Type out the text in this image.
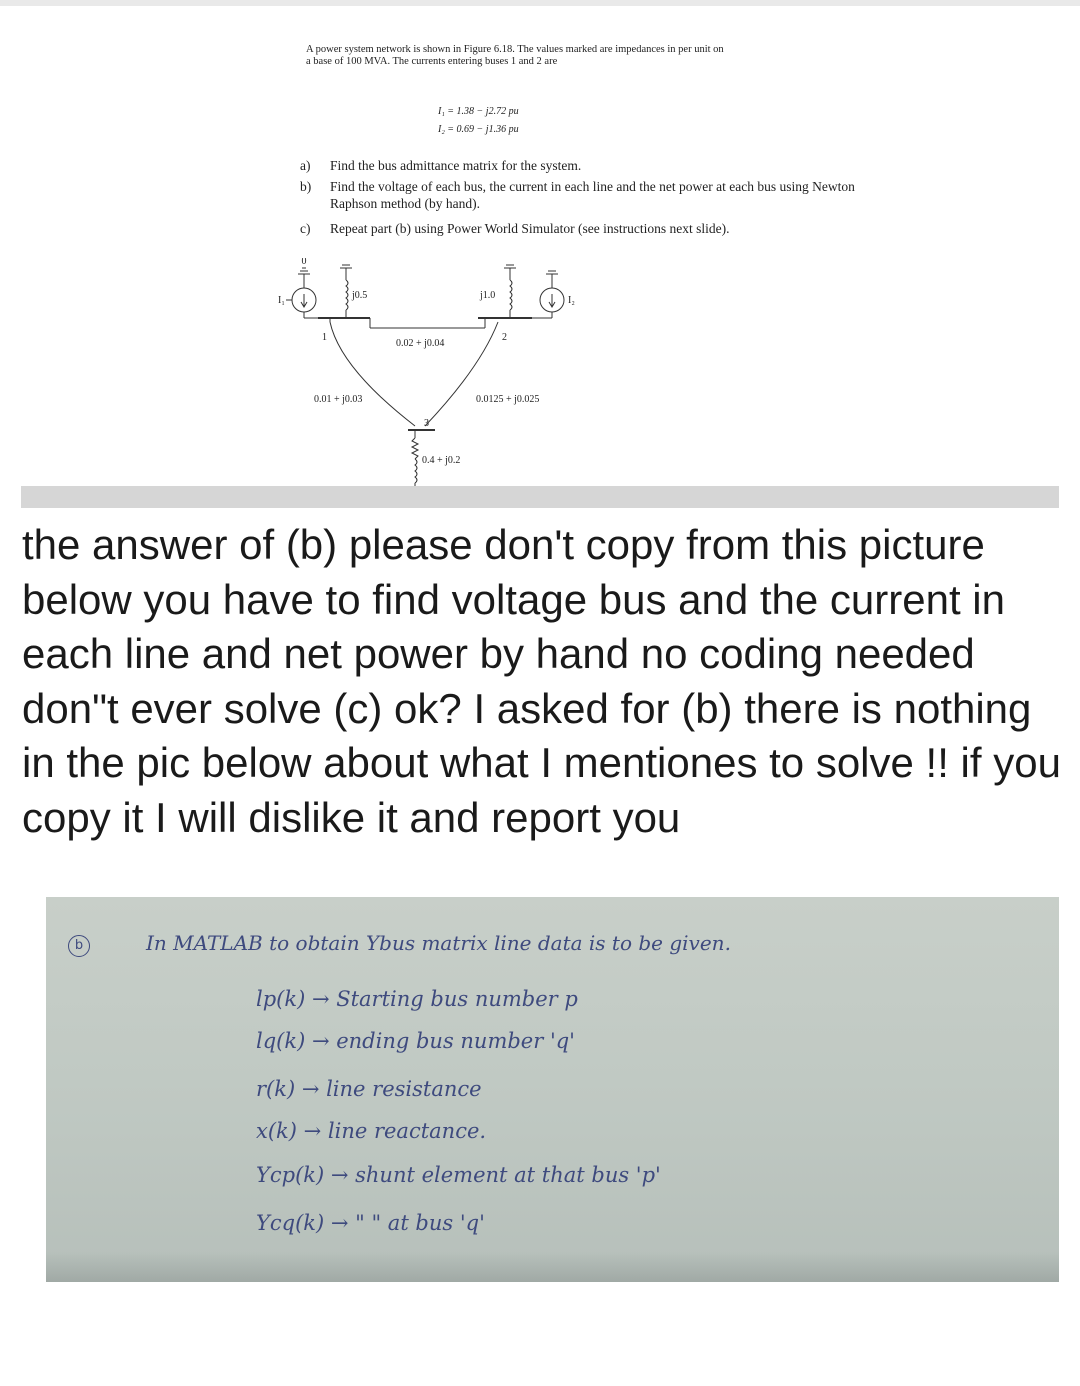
A power system network is shown in Figure 6.18. The values marked are impedances in per unit on a base of 100 MVA. The currents entering buses 1 and 2 are
I₁ = 1.38 − j2.72 pu
I₂ = 0.69 − j1.36 pu
a) Find the bus admittance matrix for the system.
b)	Find the voltage of each bus, the current in each line and the net power at each bus using Newton Raphson method (by hand).
c) Repeat part (b) using Power World Simulator (see instructions next slide).
0
I₁	I₂
j0.5	j1.0
0.4 + j0.2
0.02 + j0.04
0.01 + j0.03	0.0125 + j0.025
1	2
3

the answer of (b) please don't copy from this picture below you have to find voltage bus and the current in each line and net power by hand no coding needed don"t ever solve (c) ok? I asked for (b) there is nothing in the pic below about what I mentiones to solve !! if you copy it I will dislike it and report you

b	In MATLAB to obtain Ybus matrix line data is to be given.
lp(k) → Starting bus number p
lq(k) → ending bus number 'q'
r(k) → line resistance
x(k) → line reactance.
Ycp(k) → shunt element at that bus 'p'
Ycq(k) → " " at bus 'q'
